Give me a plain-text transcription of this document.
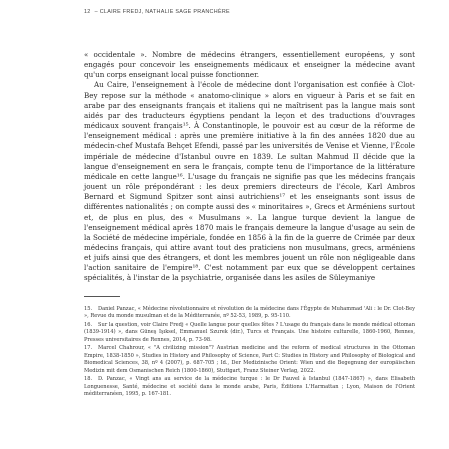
12 – CLAIRE FREDJ, NATHALIE SAGE PRANCHÈRE

« occidentale ». Nombre de médecins étrangers, essentiellement européens, y sont engagés pour concevoir les enseignements médicaux et enseigner la médecine avant qu'un corps enseignant local puisse fonctionner.

Au Caire, l'enseignement à l'école de médecine dont l'organisation est confiée à Clot-Bey repose sur la méthode « anatomo-clinique » alors en vigueur à Paris et se fait en arabe par des enseignants français et italiens qui ne maîtrisent pas la langue mais sont aidés par des traducteurs égyptiens pendant la leçon et des traductions d'ouvrages médicaux souvent français¹⁵. À Constantinople, le pouvoir est au cœur de la réforme de l'enseignement médical : après une première initiative à la fin des années 1820 due au médecin-chef Mustafa Behçet Efendi, passé par les universités de Venise et Vienne, l'École impériale de médecine d'Istanbul ouvre en 1839. Le sultan Mahmud II décide que la langue d'enseignement en sera le français, compte tenu de l'importance de la littérature médicale en cette langue¹⁶. L'usage du français ne signifie pas que les médecins français jouent un rôle prépondérant : les deux premiers directeurs de l'école, Karl Ambros Bernard et Sigmund Spitzer sont ainsi autrichiens¹⁷ et les enseignants sont issus de différentes nationalités ; on compte aussi des « minoritaires », Grecs et Arméniens surtout et, de plus en plus, des « Musulmans ». La langue turque devient la langue de l'enseignement médical après 1870 mais le français demeure la langue d'usage au sein de la Société de médecine impériale, fondée en 1856 à la fin de la guerre de Crimée par deux médecins français, qui attire avant tout des praticiens non musulmans, grecs, arméniens et juifs ainsi que des étrangers, et dont les membres jouent un rôle non négligeable dans l'action sanitaire de l'empire¹⁸. C'est notamment par eux que se développent certaines spécialités, à l'instar de la psychiatrie, organisée dans les asiles de Süleymaniye

15. Daniel Panzac, « Médecine révolutionnaire et révolution de la médecine dans l'Égypte de Muhammad 'Ali : le Dr. Clot-Bey », Revue du monde musulman et de la Méditerranée, nº 52-53, 1989, p. 95-110.

16. Sur la question, voir Claire Fredj « Quelle langue pour quelles fêtes ? L'usage du français dans le monde médical ottoman (1839-1914) », dans Güneş Işıksel, Emmanuel Szurek (dir.), Turcs et Français. Une histoire culturelle, 1860-1960, Rennes, Presses universitaires de Rennes, 2014, p. 73-98.

17. Marcel Chahrour, « "A civilizing mission"? Austrian medicine and the reform of medical structures in the Ottoman Empire, 1838-1850 », Studies in History and Philosophy of Science, Part C: Studies in History and Philosophy of Biological and Biomedical Sciences, 38, nº 4 (2007), p. 687-705 ; Id., Der Medizinische Orient: Wien und die Begegnung der europäischen Medizin mit dem Osmanischen Reich (1800-1860), Stuttgart, Franz Steiner Verlag, 2022.

18. D. Panzac, « Vingt ans au service de la médecine turque : le Dr Fauvel à Istanbul (1847-1867) », dans Elisabeth Longuenesse, Santé, médecine et société dans le monde arabe, Paris, Éditions L'Harmattan ; Lyon, Maison de l'Orient méditerranéen, 1995, p. 167-181.
